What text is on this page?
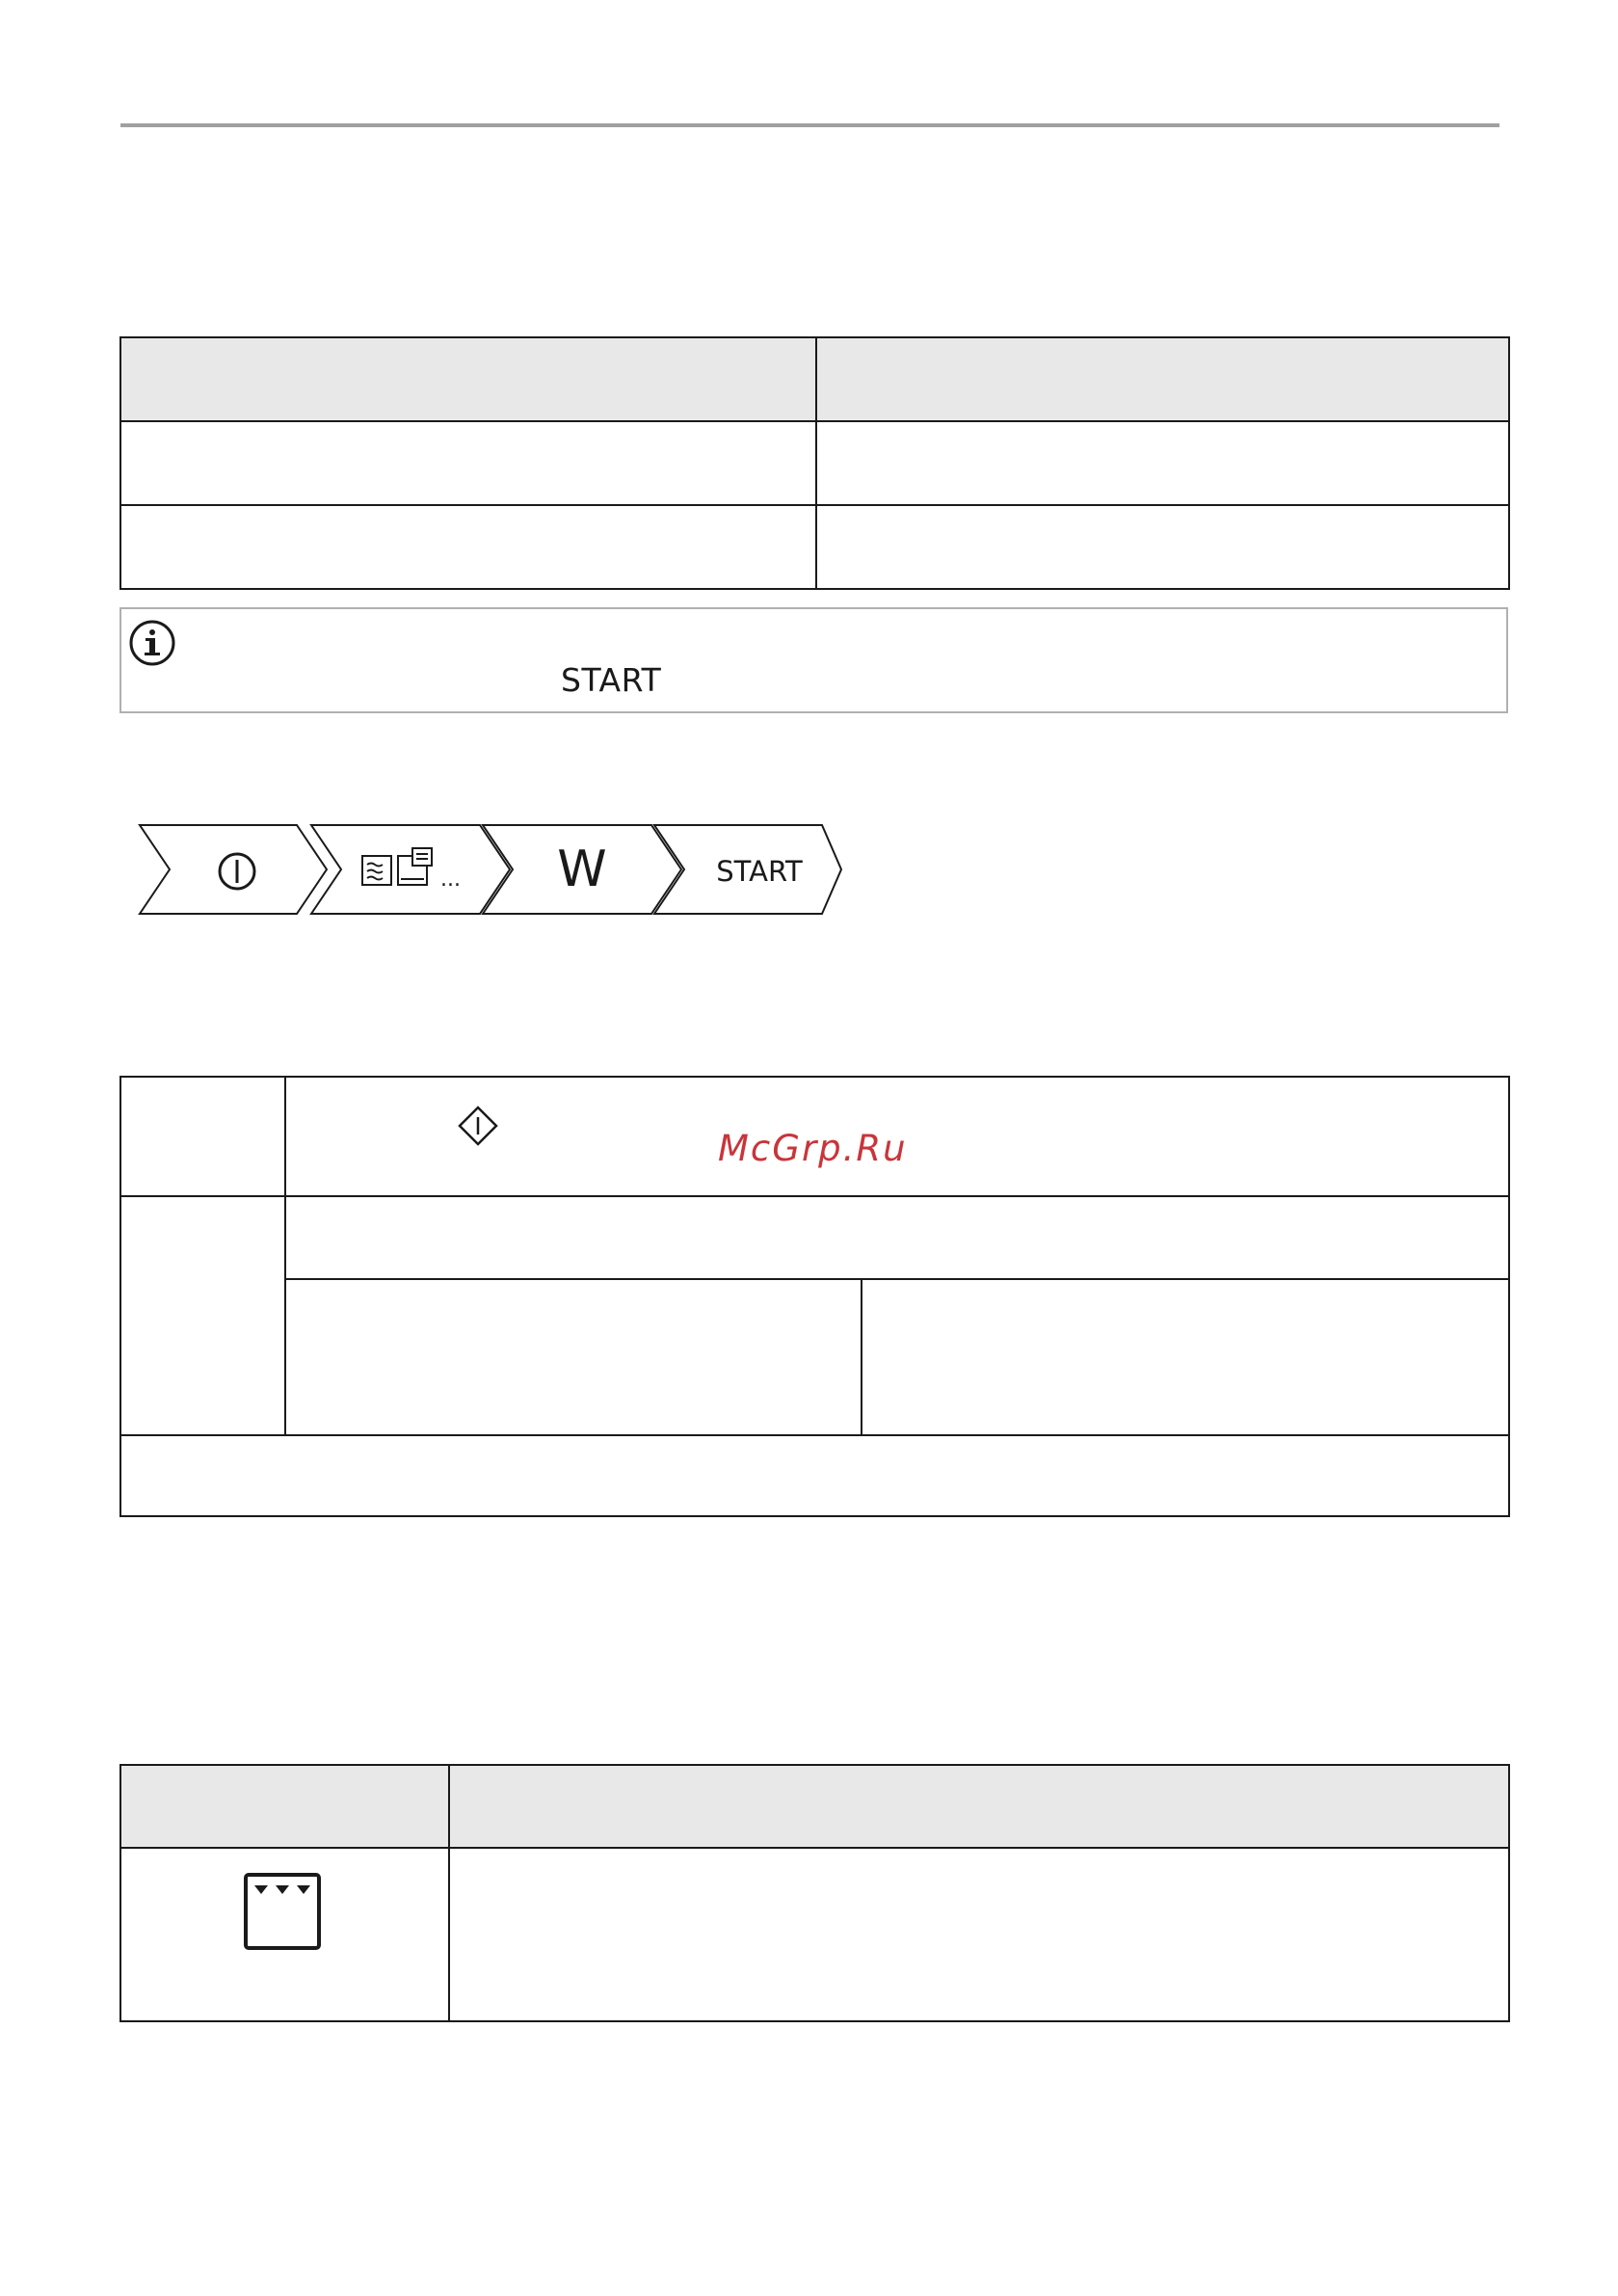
START
... W	START

McGrp.Ru
